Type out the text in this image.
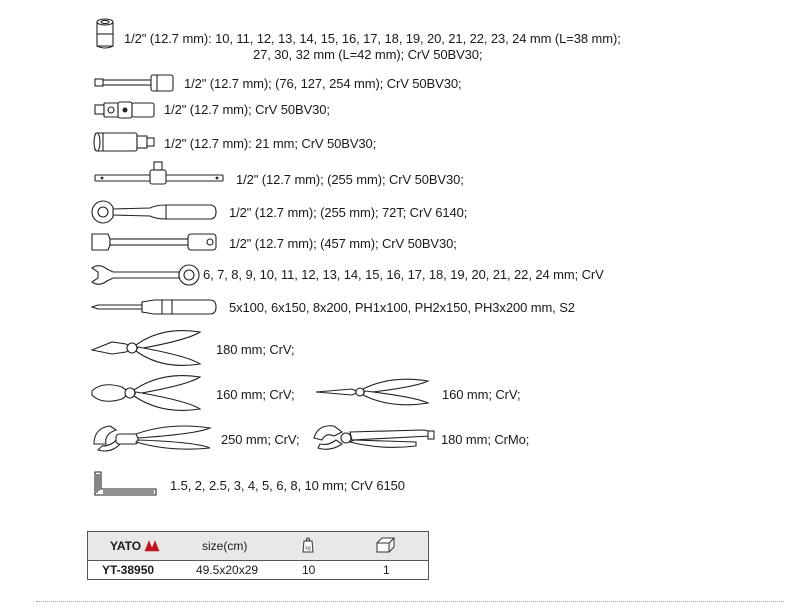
1/2" (12.7 mm): 10, 11, 12, 13, 14, 15, 16, 17, 18, 19, 20, 21, 22, 23, 24 mm (L=38 mm);
27, 30, 32 mm (L=42 mm); CrV 50BV30;
1/2" (12.7 mm); (76, 127, 254 mm); CrV 50BV30;
1/2" (12.7 mm); CrV 50BV30;
1/2" (12.7 mm): 21 mm; CrV 50BV30;
1/2" (12.7 mm); (255 mm); CrV 50BV30;
1/2" (12.7 mm); (255 mm); 72T; CrV 6140;
1/2" (12.7 mm); (457 mm); CrV 50BV30;
6, 7, 8, 9, 10, 11, 12, 13, 14, 15, 16, 17, 18, 19, 20, 21, 22, 24 mm; CrV
5x100, 6x150, 8x200, PH1x100, PH2x150, PH3x200 mm, S2
180 mm; CrV;
160 mm; CrV;	160 mm; CrV;
250 mm; CrV;	180 mm; CrMo;
1.5, 2, 2.5, 3, 4, 5, 6, 8, 10 mm; CrV 6150
YATO	size(cm)	kg
YT-38950	49.5x20x29	10	1
